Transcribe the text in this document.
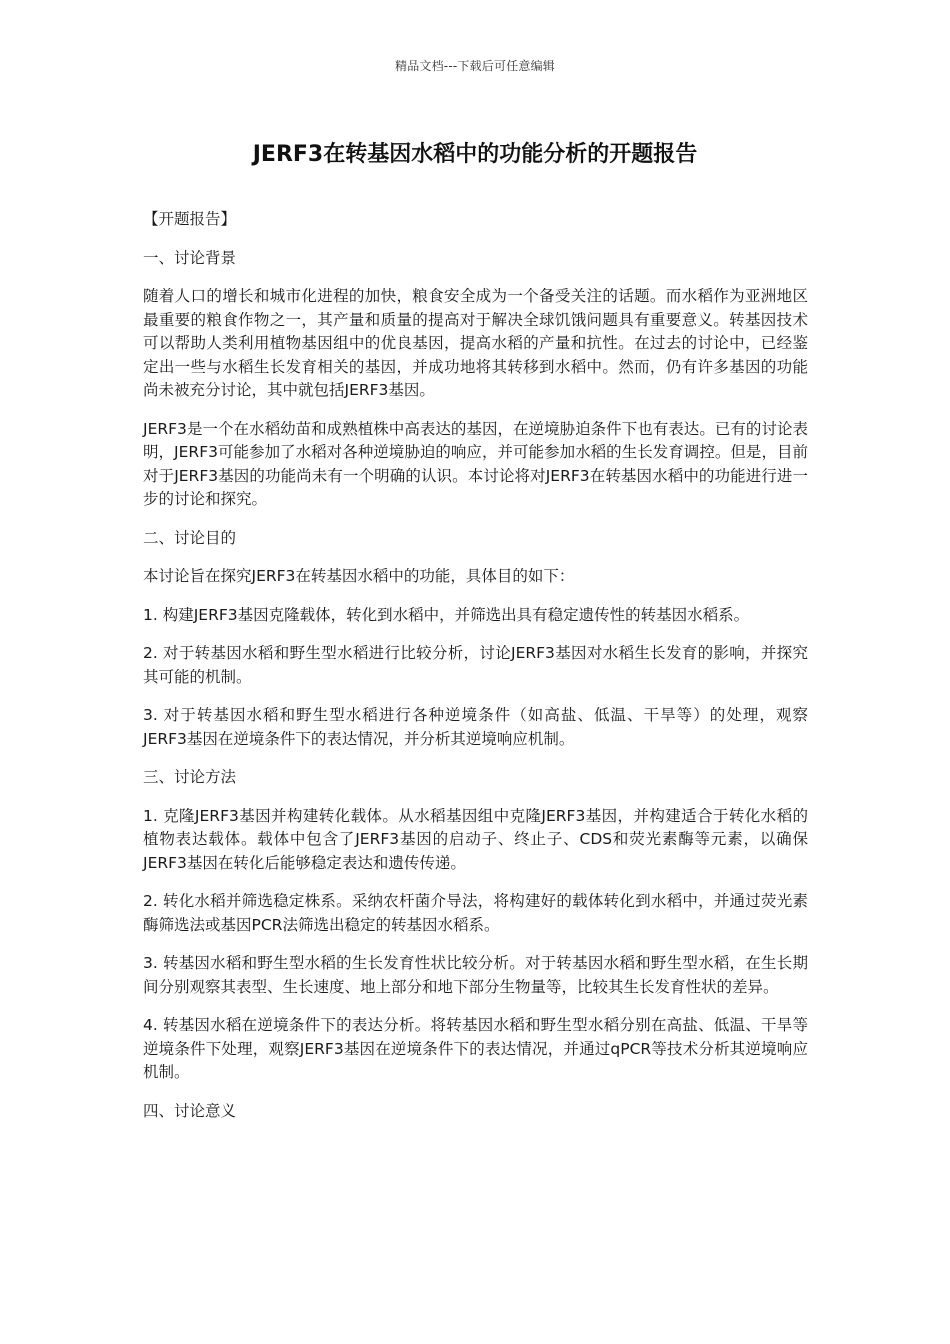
精品文档---下载后可任意编辑
JERF3在转基因水稻中的功能分析的开题报告

【开题报告】

一、讨论背景

随着人口的增长和城市化进程的加快，粮食安全成为一个备受关注的话题。而水稻作为亚洲地区最重要的粮食作物之一，其产量和质量的提高对于解决全球饥饿问题具有重要意义。转基因技术可以帮助人类利用植物基因组中的优良基因，提高水稻的产量和抗性。在过去的讨论中，已经鉴定出一些与水稻生长发育相关的基因，并成功地将其转移到水稻中。然而，仍有许多基因的功能尚未被充分讨论，其中就包括JERF3基因。

JERF3是一个在水稻幼苗和成熟植株中高表达的基因，在逆境胁迫条件下也有表达。已有的讨论表明，JERF3可能参加了水稻对各种逆境胁迫的响应，并可能参加水稻的生长发育调控。但是，目前对于JERF3基因的功能尚未有一个明确的认识。本讨论将对JERF3在转基因水稻中的功能进行进一步的讨论和探究。

二、讨论目的

本讨论旨在探究JERF3在转基因水稻中的功能，具体目的如下：

1. 构建JERF3基因克隆载体，转化到水稻中，并筛选出具有稳定遗传性的转基因水稻系。

2. 对于转基因水稻和野生型水稻进行比较分析，讨论JERF3基因对水稻生长发育的影响，并探究其可能的机制。

3. 对于转基因水稻和野生型水稻进行各种逆境条件（如高盐、低温、干旱等）的处理，观察JERF3基因在逆境条件下的表达情况，并分析其逆境响应机制。

三、讨论方法

1. 克隆JERF3基因并构建转化载体。从水稻基因组中克隆JERF3基因，并构建适合于转化水稻的植物表达载体。载体中包含了JERF3基因的启动子、终止子、CDS和荧光素酶等元素，以确保JERF3基因在转化后能够稳定表达和遗传传递。

2. 转化水稻并筛选稳定株系。采纳农杆菌介导法，将构建好的载体转化到水稻中，并通过荧光素酶筛选法或基因PCR法筛选出稳定的转基因水稻系。

3. 转基因水稻和野生型水稻的生长发育性状比较分析。对于转基因水稻和野生型水稻，在生长期间分别观察其表型、生长速度、地上部分和地下部分生物量等，比较其生长发育性状的差异。

4. 转基因水稻在逆境条件下的表达分析。将转基因水稻和野生型水稻分别在高盐、低温、干旱等逆境条件下处理，观察JERF3基因在逆境条件下的表达情况，并通过qPCR等技术分析其逆境响应机制。

四、讨论意义
